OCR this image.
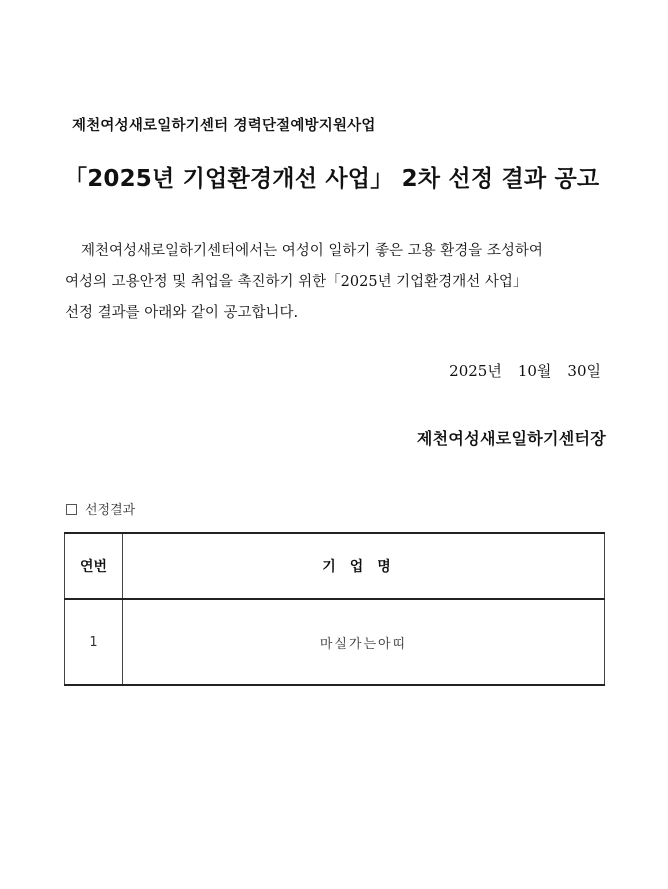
제천여성새로일하기센터 경력단절예방지원사업
「2025년 기업환경개선 사업」 2차 선정 결과 공고
제천여성새로일하기센터에서는 여성이 일하기 좋은 고용 환경을 조성하여
여성의 고용안정 및 취업을 촉진하기 위한「2025년 기업환경개선 사업」
선정 결과를 아래와 같이 공고합니다.
2025년 10월 30일
제천여성새로일하기센터장
선정결과
연번	기업명
1	마실가는아띠
